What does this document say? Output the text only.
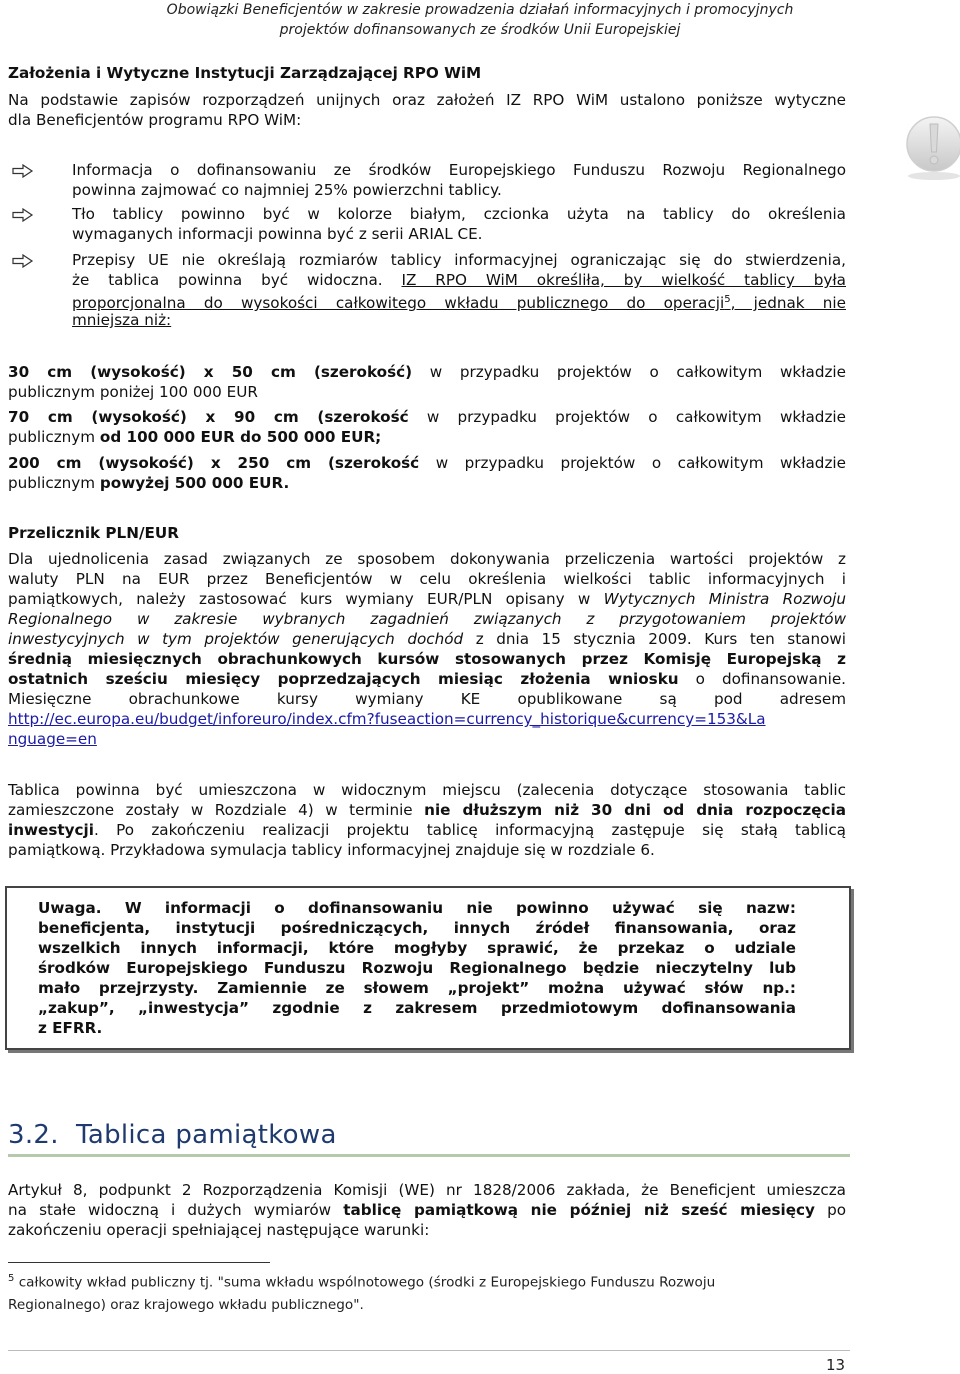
Obowiązki Beneficjentów w zakresie prowadzenia działań informacyjnych i promocyjnych
projektów dofinansowanych ze środków Unii Europejskiej
Założenia i Wytyczne Instytucji Zarządzającej RPO WiM
Na podstawie zapisów rozporządzeń unijnych oraz założeń IZ RPO WiM ustalono poniższe wytyczne
dla Beneficjentów programu RPO WiM:
Informacja o dofinansowaniu ze środków Europejskiego Funduszu Rozwoju Regionalnego
powinna zajmować co najmniej 25% powierzchni tablicy.
Tło tablicy powinno być w kolorze białym, czcionka użyta na tablicy do określenia
wymaganych informacji powinna być z serii ARIAL CE.
Przepisy UE nie określają rozmiarów tablicy informacyjnej ograniczając się do stwierdzenia,
że tablica powinna być widoczna. IZ RPO WiM określiła, by wielkość tablicy była
proporcjonalna do wysokości całkowitego wkładu publicznego do operacji$^5$, jednak nie
mniejsza niż:
30 cm (wysokość) x 50 cm (szerokość) w przypadku projektów o całkowitym wkładzie
publicznym poniżej 100 000 EUR
70 cm (wysokość) x 90 cm (szerokość w przypadku projektów o całkowitym wkładzie
publicznym od 100 000 EUR do 500 000 EUR;
200 cm (wysokość) x 250 cm (szerokość w przypadku projektów o całkowitym wkładzie
publicznym powyżej 500 000 EUR.
Przelicznik PLN/EUR
Dla ujednolicenia zasad związanych ze sposobem dokonywania przeliczenia wartości projektów z
waluty PLN na EUR przez Beneficjentów w celu określenia wielkości tablic informacyjnych i
pamiątkowych, należy zastosować kurs wymiany EUR/PLN opisany w Wytycznych Ministra Rozwoju
Regionalnego w zakresie wybranych zagadnień związanych z przygotowaniem projektów
inwestycyjnych w tym projektów generujących dochód z dnia 15 stycznia 2009. Kurs ten stanowi
średnią miesięcznych obrachunkowych kursów stosowanych przez Komisję Europejską z
ostatnich sześciu miesięcy poprzedzających miesiąc złożenia wniosku o dofinansowanie.
Miesięczne obrachunkowe kursy wymiany KE opublikowane są pod adresem
http://ec.europa.eu/budget/inforeuro/index.cfm?fuseaction=currency_historique&currency=153&La
nguage=en
Tablica powinna być umieszczona w widocznym miejscu (zalecenia dotyczące stosowania tablic
zamieszczone zostały w Rozdziale 4) w terminie nie dłuższym niż 30 dni od dnia rozpoczęcia
inwestycji. Po zakończeniu realizacji projektu tablicę informacyjną zastępuje się stałą tablicą
pamiątkową. Przykładowa symulacja tablicy informacyjnej znajduje się w rozdziale 6.
Uwaga. W informacji o dofinansowaniu nie powinno używać się nazw:
beneficjenta, instytucji pośredniczących, innych źródeł finansowania, oraz
wszelkich innych informacji, które mogłyby sprawić, że przekaz o udziale
środków Europejskiego Funduszu Rozwoju Regionalnego będzie nieczytelny lub
mało przejrzysty. Zamiennie ze słowem „projekt” można używać słów np.:
„zakup”, „inwestycja” zgodnie z zakresem przedmiotowym dofinansowania
z EFRR.
3.2. Tablica pamiątkowa
Artykuł 8, podpunkt 2 Rozporządzenia Komisji (WE) nr 1828/2006 zakłada, że Beneficjent umieszcza
na stałe widoczną i dużych wymiarów tablicę pamiątkową nie później niż sześć miesięcy po
zakończeniu operacji spełniającej następujące warunki:
$^5$ całkowity wkład publiczny tj. "suma wkładu wspólnotowego (środki z Europejskiego Funduszu Rozwoju
Regionalnego) oraz krajowego wkładu publicznego".
13
